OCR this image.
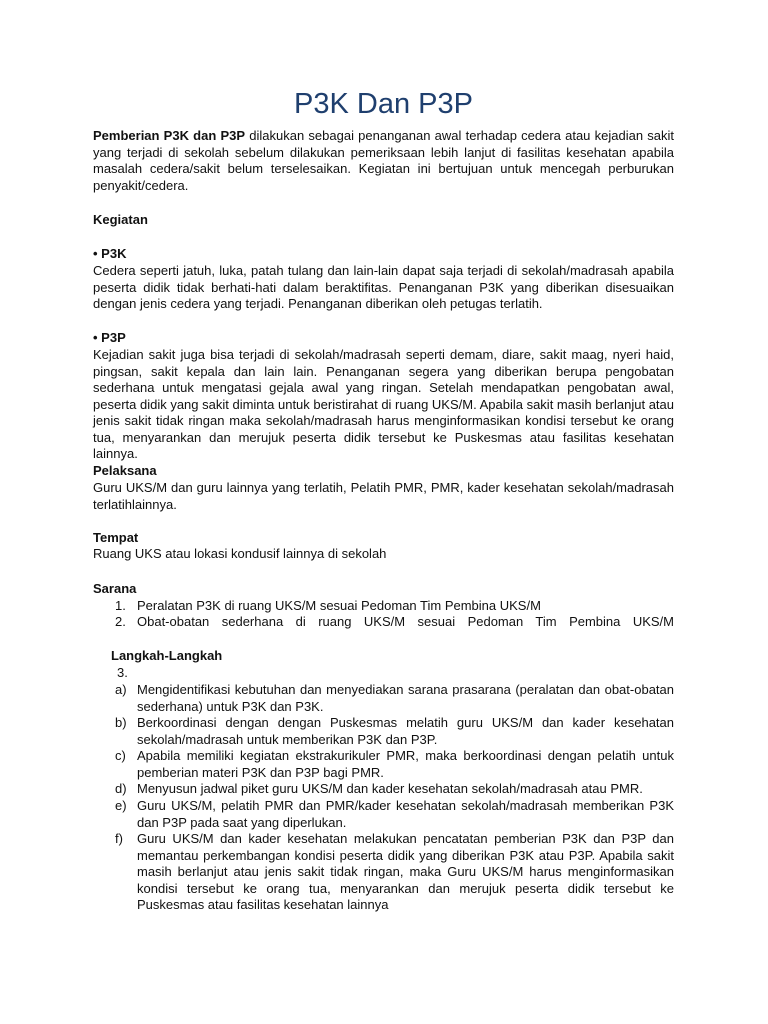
P3K Dan P3P
Pemberian P3K dan P3P dilakukan sebagai penanganan awal terhadap cedera atau kejadian sakit yang terjadi di sekolah sebelum dilakukan pemeriksaan lebih lanjut di fasilitas kesehatan apabila masalah cedera/sakit belum terselesaikan. Kegiatan ini bertujuan untuk mencegah perburukan penyakit/cedera.
Kegiatan
• P3K
Cedera seperti jatuh, luka, patah tulang dan lain-lain dapat saja terjadi di sekolah/madrasah apabila peserta didik tidak berhati-hati dalam beraktifitas. Penanganan P3K yang diberikan disesuaikan dengan jenis cedera yang terjadi. Penanganan diberikan oleh petugas terlatih.
• P3P
Kejadian sakit juga bisa terjadi di sekolah/madrasah seperti demam, diare, sakit maag, nyeri haid, pingsan, sakit kepala dan lain lain. Penanganan segera yang diberikan berupa pengobatan sederhana untuk mengatasi gejala awal yang ringan. Setelah mendapatkan pengobatan awal, peserta didik yang sakit diminta untuk beristirahat di ruang UKS/M. Apabila sakit masih berlanjut atau jenis sakit tidak ringan maka sekolah/madrasah harus menginformasikan kondisi tersebut ke orang tua, menyarankan dan merujuk peserta didik tersebut ke Puskesmas atau fasilitas kesehatan lainnya.
Pelaksana
Guru UKS/M dan guru lainnya yang terlatih, Pelatih PMR, PMR, kader kesehatan sekolah/madrasah terlatihlainnya.
Tempat
Ruang UKS atau lokasi kondusif lainnya di sekolah
Sarana
1. Peralatan P3K di ruang UKS/M sesuai Pedoman Tim Pembina UKS/M
2. Obat-obatan sederhana di ruang UKS/M sesuai Pedoman Tim Pembina UKS/M
Langkah-Langkah
3.
a) Mengidentifikasi kebutuhan dan menyediakan sarana prasarana (peralatan dan obat-obatan sederhana) untuk P3K dan P3K.
b) Berkoordinasi dengan dengan Puskesmas melatih guru UKS/M dan kader kesehatan sekolah/madrasah untuk memberikan P3K dan P3P.
c) Apabila memiliki kegiatan ekstrakurikuler PMR, maka berkoordinasi dengan pelatih untuk pemberian materi P3K dan P3P bagi PMR.
d) Menyusun jadwal piket guru UKS/M dan kader kesehatan sekolah/madrasah atau PMR.
e) Guru UKS/M, pelatih PMR dan PMR/kader kesehatan sekolah/madrasah memberikan P3K dan P3P pada saat yang diperlukan.
f)	Guru UKS/M dan kader kesehatan melakukan pencatatan pemberian P3K dan P3P dan memantau perkembangan kondisi peserta didik yang diberikan P3K atau P3P. Apabila sakit masih berlanjut atau jenis sakit tidak ringan, maka Guru UKS/M harus menginformasikan kondisi tersebut ke orang tua, menyarankan dan merujuk peserta didik tersebut ke Puskesmas atau fasilitas kesehatan lainnya
